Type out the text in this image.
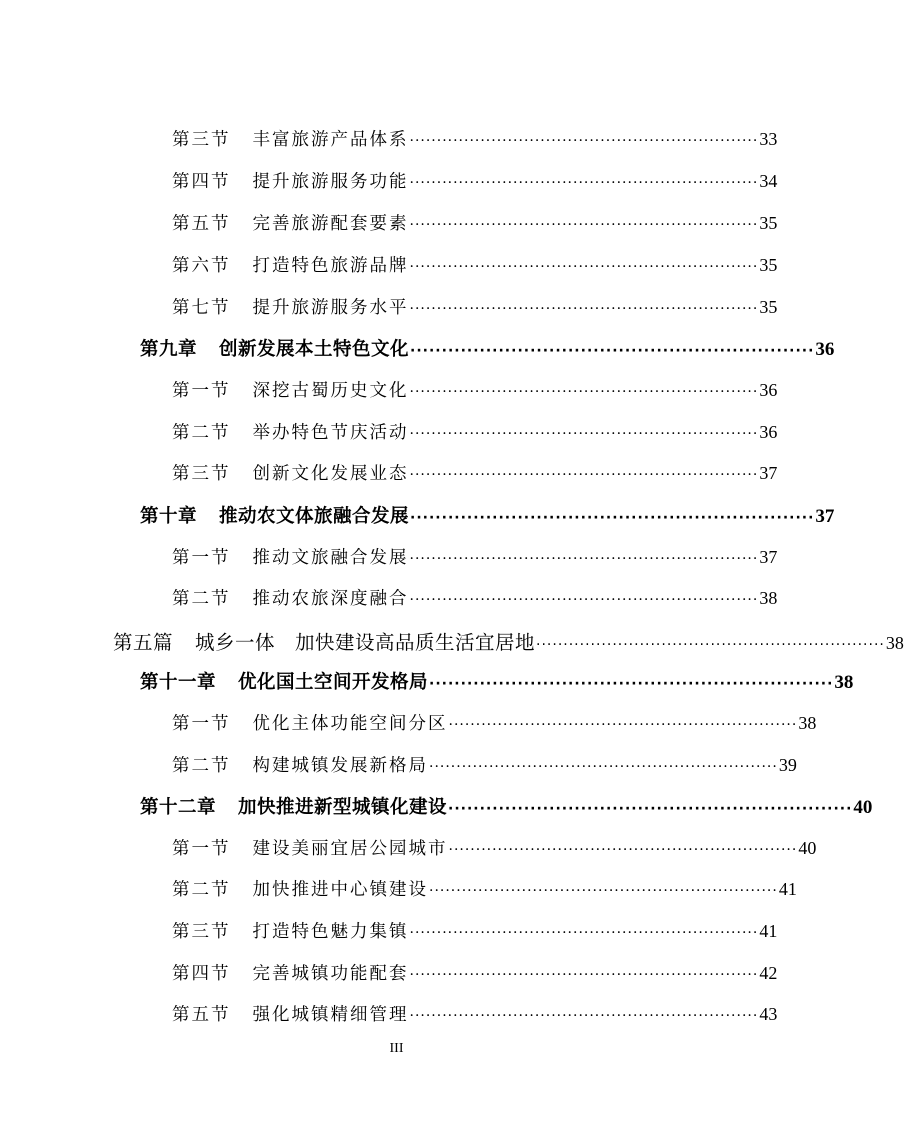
第三节 丰富旅游产品体系 ································································ 33
第四节 提升旅游服务功能 ································································ 34
第五节 完善旅游配套要素 ································································ 35
第六节 打造特色旅游品牌 ································································ 35
第七节 提升旅游服务水平 ································································ 35
第九章 创新发展本土特色文化 ································································ 36
第一节 深挖古蜀历史文化 ································································ 36
第二节 举办特色节庆活动 ································································ 36
第三节 创新文化发展业态 ································································ 37
第十章 推动农文体旅融合发展 ································································ 37
第一节 推动文旅融合发展 ································································ 37
第二节 推动农旅深度融合 ································································ 38
第五篇 城乡一体　加快建设高品质生活宜居地 ································································ 38
第十一章 优化国土空间开发格局 ································································ 38
第一节 优化主体功能空间分区 ································································ 38
第二节 构建城镇发展新格局 ································································ 39
第十二章 加快推进新型城镇化建设 ································································ 40
第一节 建设美丽宜居公园城市 ································································ 40
第二节 加快推进中心镇建设 ································································ 41
第三节 打造特色魅力集镇 ································································ 41
第四节 完善城镇功能配套 ································································ 42
第五节 强化城镇精细管理 ································································ 43
III
